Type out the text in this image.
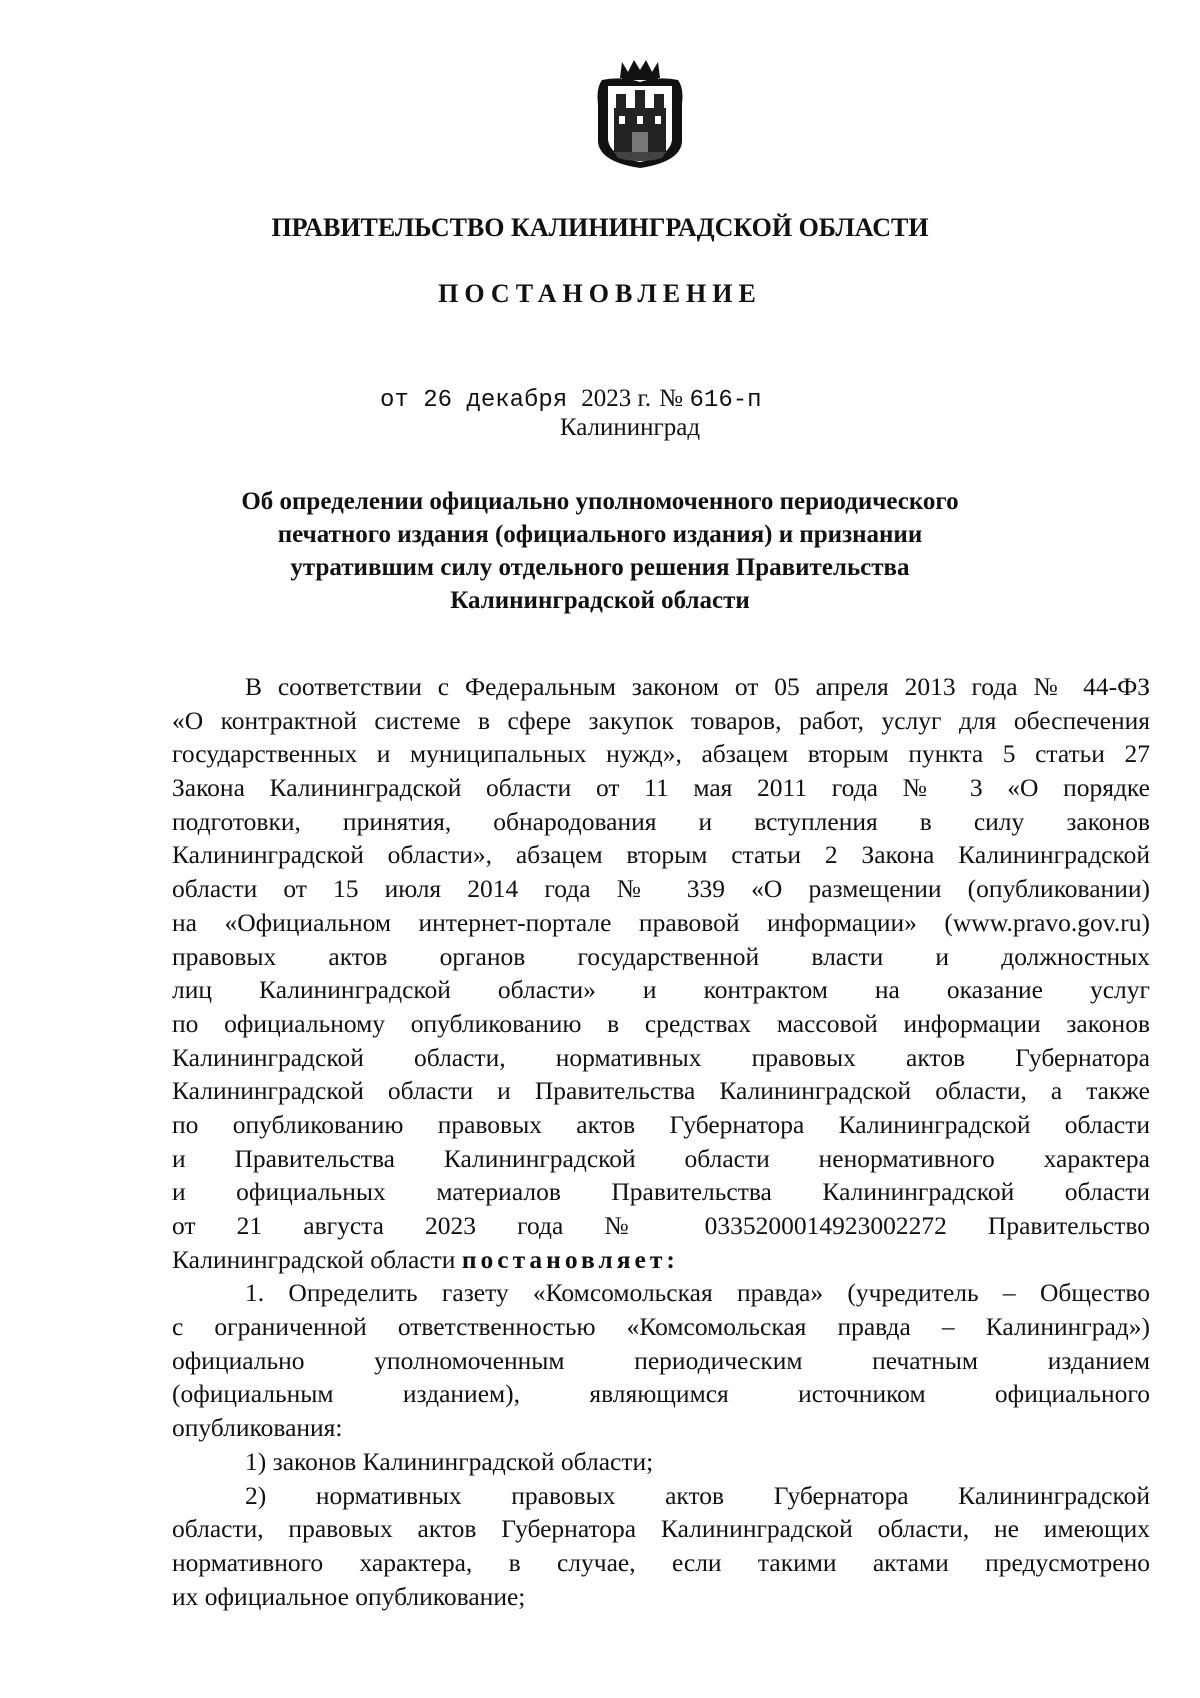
ПРАВИТЕЛЬСТВО КАЛИНИНГРАДСКОЙ ОБЛАСТИ
ПОСТАНОВЛЕНИЕ
от 26 декабря 2023 г. № 616-п
Калининград
Об определении официально уполномоченного периодического
печатного издания (официального издания) и признании
утратившим силу отдельного решения Правительства
Калининградской области
В соответствии с Федеральным законом от 05 апреля 2013 года № 44-ФЗ
«О контрактной системе в сфере закупок товаров, работ, услуг для обеспечения
государственных и муниципальных нужд», абзацем вторым пункта 5 статьи 27
Закона Калининградской области от 11 мая 2011 года № 3 «О порядке
подготовки, принятия, обнародования и вступления в силу законов
Калининградской области», абзацем вторым статьи 2 Закона Калининградской
области от 15 июля 2014 года № 339 «О размещении (опубликовании)
на «Официальном интернет-портале правовой информации» (www.pravo.gov.ru)
правовых актов органов государственной власти и должностных
лиц Калининградской области» и контрактом на оказание услуг
по официальному опубликованию в средствах массовой информации законов
Калининградской области, нормативных правовых актов Губернатора
Калининградской области и Правительства Калининградской области, а также
по опубликованию правовых актов Губернатора Калининградской области
и Правительства Калининградской области ненормативного характера
и официальных материалов Правительства Калининградской области
от 21 августа 2023 года № 0335200014923002272 Правительство
Калининградской области постановляет:
1. Определить газету «Комсомольская правда» (учредитель – Общество
с ограниченной ответственностью «Комсомольская правда – Калининград»)
официально уполномоченным периодическим печатным изданием
(официальным изданием), являющимся источником официального
опубликования:
1) законов Калининградской области;
2) нормативных правовых актов Губернатора Калининградской
области, правовых актов Губернатора Калининградской области, не имеющих
нормативного характера, в случае, если такими актами предусмотрено
их официальное опубликование;
